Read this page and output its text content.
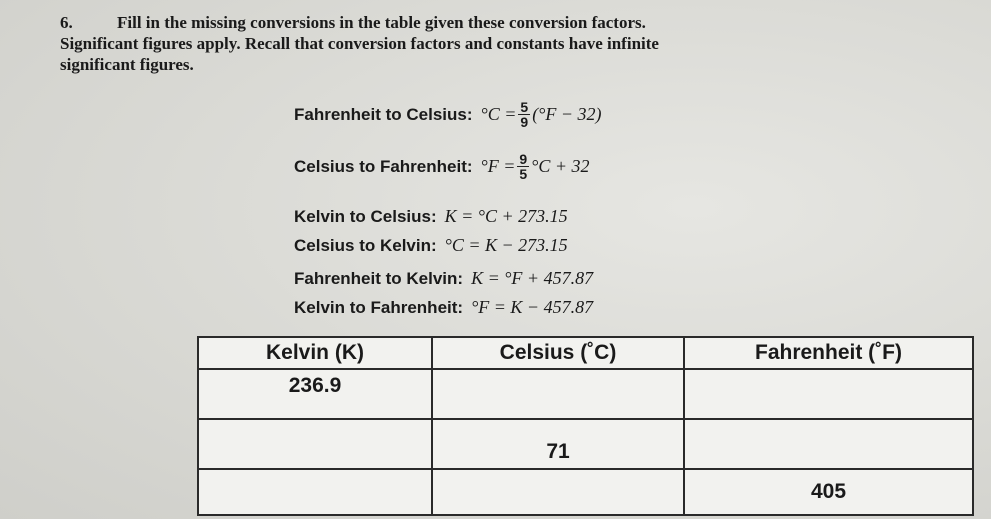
6.	Fill in the missing conversions in the table given these conversion factors.

Significant figures apply. Recall that conversion factors and constants have infinite

significant figures.

Fahrenheit to Celsius: $^\circ C = \frac{5}{9} (^\circ F - 32)$
Celsius to Fahrenheit: $^\circ F = \frac{9}{5} ^\circ C + 32$
Kelvin to Celsius: K = °C + 273.15
Celsius to Kelvin: °C = K − 273.15
Fahrenheit to Kelvin: K = °F + 457.87
Kelvin to Fahrenheit: °F = K − 457.87
Kelvin (K)	Celsius (˚C)	Fahrenheit (˚F)
236.9		
	71	
		405
